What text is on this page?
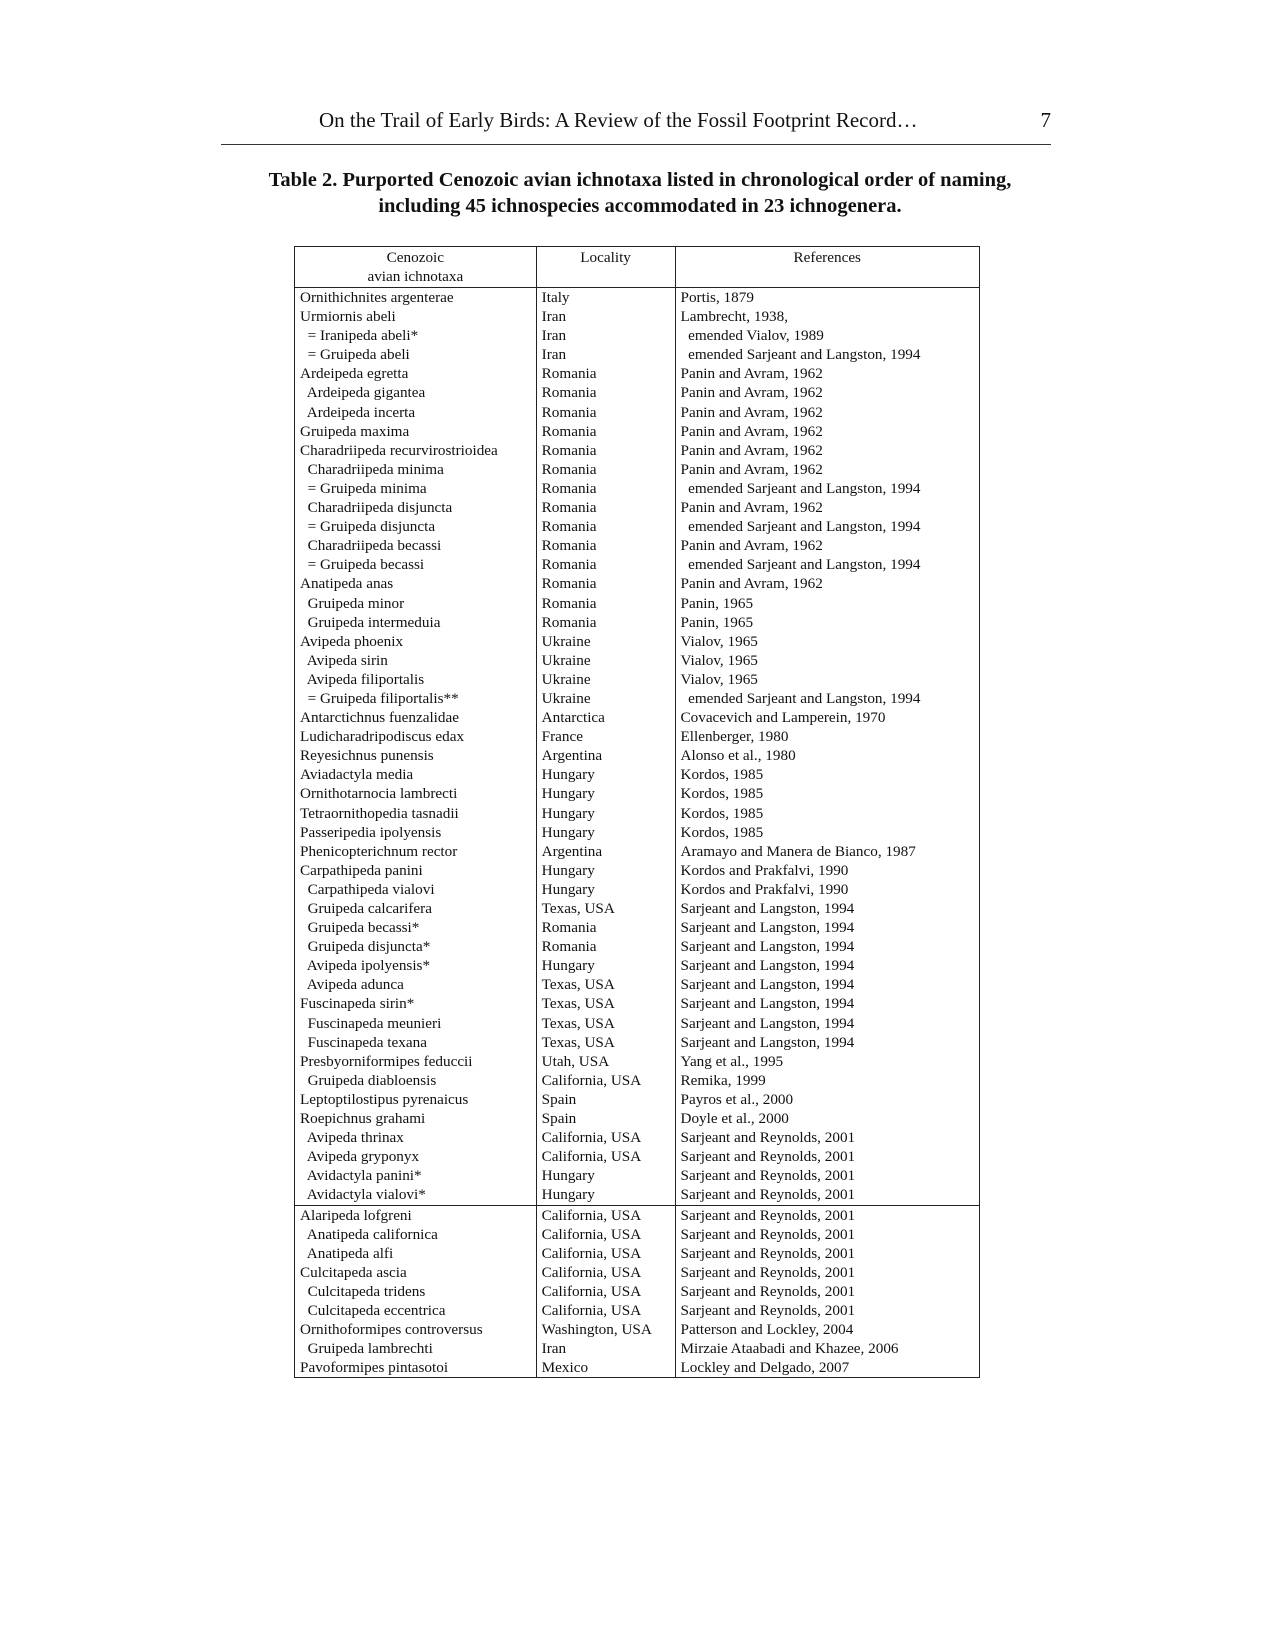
On the Trail of Early Birds: A Review of the Fossil Footprint Record…	7
Table 2. Purported Cenozoic avian ichnotaxa listed in chronological order of naming,
including 45 ichnospecies accommodated in 23 ichnogenera.
Cenozoic
avian ichnotaxa	Locality	References
Ornithichnites argenterae	Italy	Portis, 1879
Urmiornis abeli	Iran	Lambrecht, 1938,
= Iranipeda abeli*	Iran	emended Vialov, 1989
= Gruipeda abeli	Iran	emended Sarjeant and Langston, 1994
Ardeipeda egretta	Romania	Panin and Avram, 1962
Ardeipeda gigantea	Romania	Panin and Avram, 1962
Ardeipeda incerta	Romania	Panin and Avram, 1962
Gruipeda maxima	Romania	Panin and Avram, 1962
Charadriipeda recurvirostrioidea	Romania	Panin and Avram, 1962
Charadriipeda minima	Romania	Panin and Avram, 1962
= Gruipeda minima	Romania	emended Sarjeant and Langston, 1994
Charadriipeda disjuncta	Romania	Panin and Avram, 1962
= Gruipeda disjuncta	Romania	emended Sarjeant and Langston, 1994
Charadriipeda becassi	Romania	Panin and Avram, 1962
= Gruipeda becassi	Romania	emended Sarjeant and Langston, 1994
Anatipeda anas	Romania	Panin and Avram, 1962
Gruipeda minor	Romania	Panin, 1965
Gruipeda intermeduia	Romania	Panin, 1965
Avipeda phoenix	Ukraine	Vialov, 1965
Avipeda sirin	Ukraine	Vialov, 1965
Avipeda filiportalis	Ukraine	Vialov, 1965
= Gruipeda filiportalis**	Ukraine	emended Sarjeant and Langston, 1994
Antarctichnus fuenzalidae	Antarctica	Covacevich and Lamperein, 1970
Ludicharadripodiscus edax	France	Ellenberger, 1980
Reyesichnus punensis	Argentina	Alonso et al., 1980
Aviadactyla media	Hungary	Kordos, 1985
Ornithotarnocia lambrecti	Hungary	Kordos, 1985
Tetraornithopedia tasnadii	Hungary	Kordos, 1985
Passeripedia ipolyensis	Hungary	Kordos, 1985
Phenicopterichnum rector	Argentina	Aramayo and Manera de Bianco, 1987
Carpathipeda panini	Hungary	Kordos and Prakfalvi, 1990
Carpathipeda vialovi	Hungary	Kordos and Prakfalvi, 1990
Gruipeda calcarifera	Texas, USA	Sarjeant and Langston, 1994
Gruipeda becassi*	Romania	Sarjeant and Langston, 1994
Gruipeda disjuncta*	Romania	Sarjeant and Langston, 1994
Avipeda ipolyensis*	Hungary	Sarjeant and Langston, 1994
Avipeda adunca	Texas, USA	Sarjeant and Langston, 1994
Fuscinapeda sirin*	Texas, USA	Sarjeant and Langston, 1994
Fuscinapeda meunieri	Texas, USA	Sarjeant and Langston, 1994
Fuscinapeda texana	Texas, USA	Sarjeant and Langston, 1994
Presbyorniformipes feduccii	Utah, USA	Yang et al., 1995
Gruipeda diabloensis	California, USA	Remika, 1999
Leptoptilostipus pyrenaicus	Spain	Payros et al., 2000
Roepichnus grahami	Spain	Doyle et al., 2000
Avipeda thrinax	California, USA	Sarjeant and Reynolds, 2001
Avipeda gryponyx	California, USA	Sarjeant and Reynolds, 2001
Avidactyla panini*	Hungary	Sarjeant and Reynolds, 2001
Avidactyla vialovi*	Hungary	Sarjeant and Reynolds, 2001
Alaripeda lofgreni	California, USA	Sarjeant and Reynolds, 2001
Anatipeda californica	California, USA	Sarjeant and Reynolds, 2001
Anatipeda alfi	California, USA	Sarjeant and Reynolds, 2001
Culcitapeda ascia	California, USA	Sarjeant and Reynolds, 2001
Culcitapeda tridens	California, USA	Sarjeant and Reynolds, 2001
Culcitapeda eccentrica	California, USA	Sarjeant and Reynolds, 2001
Ornithoformipes controversus	Washington, USA	Patterson and Lockley, 2004
Gruipeda lambrechti	Iran	Mirzaie Ataabadi and Khazee, 2006
Pavoformipes pintasotoi	Mexico	Lockley and Delgado, 2007
